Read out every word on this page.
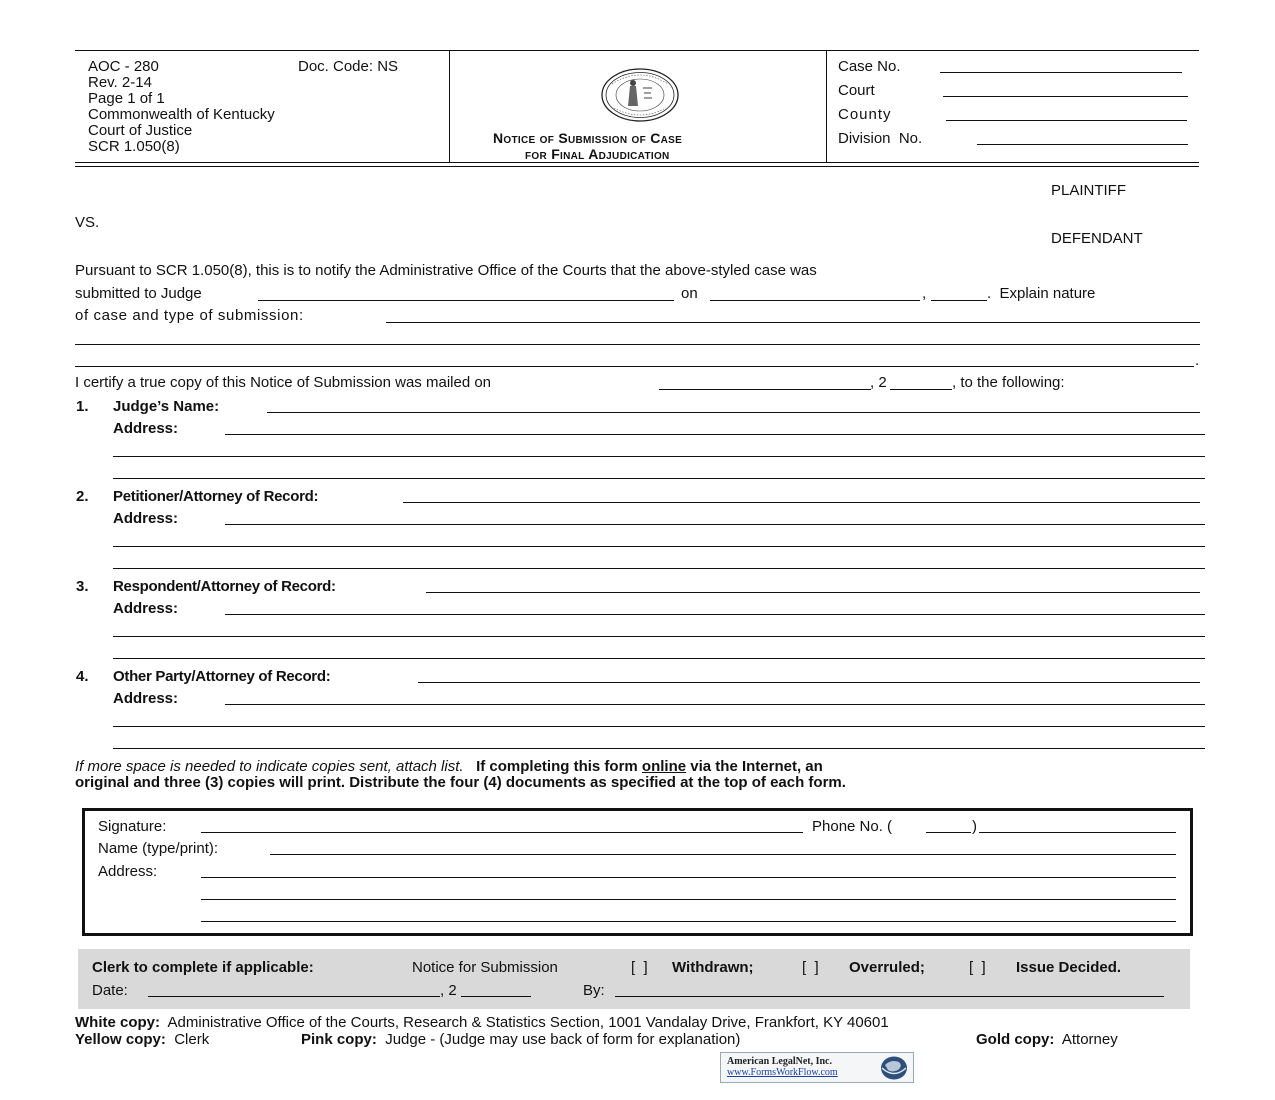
AOC - 280
Rev. 2-14
Page 1 of 1
Commonwealth of Kentucky
Court of Justice
SCR 1.050(8)
Doc. Code: NS
Notice of Submission of Case
for Final Adjudication
Case No.
Court
County
Division  No.
PLAINTIFF
VS.
DEFENDANT
Pursuant to SCR 1.050(8), this is to notify the Administrative Office of the Courts that the above-styled case was
submitted to Judge	on	,	.  Explain nature
of case and type of submission:
.
I certify a true copy of this Notice of Submission was mailed on	, 2	, to the following:
1. Judge’s Name:
Address:
2. Petitioner/Attorney of Record:
Address:
3. Respondent/Attorney of Record:
Address:
4. Other Party/Attorney of Record:
Address:
If more space is needed to indicate copies sent, attach list. If completing this form online via the Internet, an
original and three (3) copies will print. Distribute the four (4) documents as specified at the top of each form.
Signature:	Phone No. (	)
Name (type/print):
Address:
Clerk to complete if applicable:	Notice for Submission	[  ] Withdrawn;	[  ] Overruled;	[  ] Issue Decided.
Date:	, 2	By:
White copy: Administrative Office of the Courts, Research & Statistics Section, 1001 Vandalay Drive, Frankfort, KY 40601
Yellow copy: Clerk	Pink copy: Judge - (Judge may use back of form for explanation)	Gold copy: Attorney
American LegalNet, Inc.
www.FormsWorkFlow.com
